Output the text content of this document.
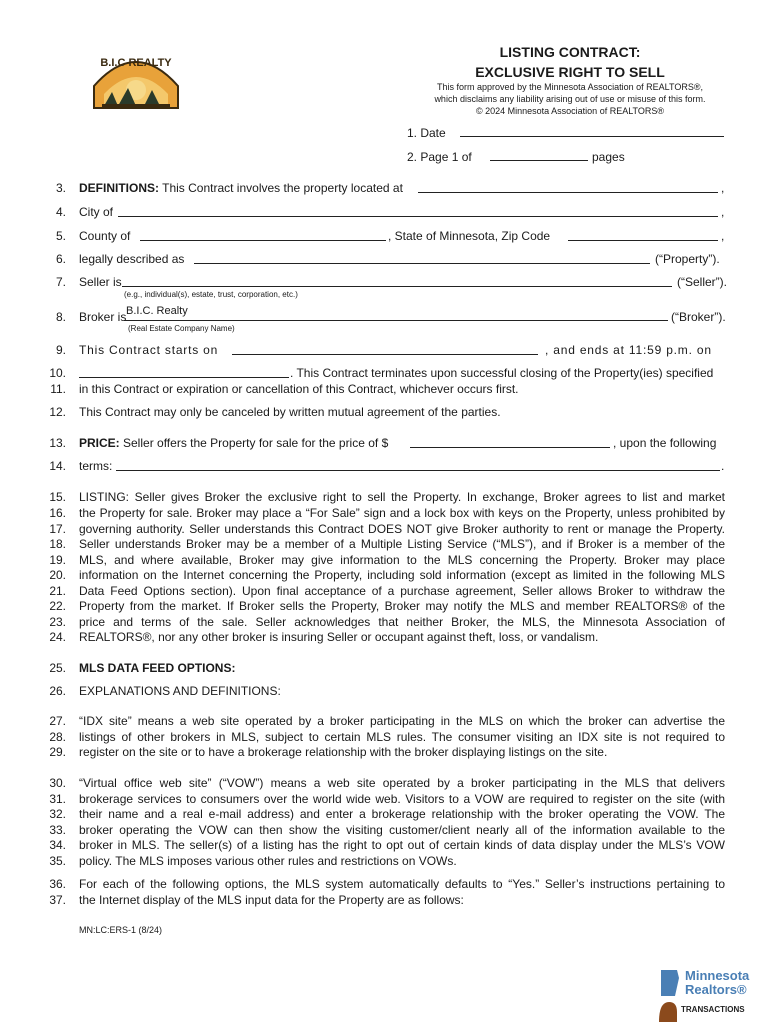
B.I.C REALTY
LISTING CONTRACT:
EXCLUSIVE RIGHT TO SELL
This form approved by the Minnesota Association of REALTORS®,
which disclaims any liability arising out of use or misuse of this form.
© 2024 Minnesota Association of REALTORS®
1. Date
2. Page 1 of	pages
3. DEFINITIONS: This Contract involves the property located at	,
4. City of	,
5. County of	, State of Minnesota, Zip Code	,
6. legally described as	(“Property”).
7. Seller is	(“Seller”).
(e.g., individual(s), estate, trust, corporation, etc.)
8. Broker is B.I.C. Realty	(“Broker”).
(Real Estate Company Name)
9. This Contract starts on	, and ends at 11:59 p.m. on
10.	. This Contract terminates upon successful closing of the Property(ies) specified
11. in this Contract or expiration or cancellation of this Contract, whichever occurs first.
12. This Contract may only be canceled by written mutual agreement of the parties.
13. PRICE: Seller offers the Property for sale for the price of $	, upon the following
14. terms:	.
15. LISTING: Seller gives Broker the exclusive right to sell the Property. In exchange, Broker agrees to list and market
16. the Property for sale. Broker may place a “For Sale” sign and a lock box with keys on the Property, unless prohibited by
17. governing authority. Seller understands this Contract DOES NOT give Broker authority to rent or manage the Property.
18. Seller understands Broker may be a member of a Multiple Listing Service (“MLS”), and if Broker is a member of the
19. MLS, and where available, Broker may give information to the MLS concerning the Property. Broker may place
20. information on the Internet concerning the Property, including sold information (except as limited in the following MLS
21. Data Feed Options section). Upon final acceptance of a purchase agreement, Seller allows Broker to withdraw the
22. Property from the market. If Broker sells the Property, Broker may notify the MLS and member REALTORS® of the
23. price and terms of the sale. Seller acknowledges that neither Broker, the MLS, the Minnesota Association of
24. REALTORS®, nor any other broker is insuring Seller or occupant against theft, loss, or vandalism.
25. MLS DATA FEED OPTIONS:
26. EXPLANATIONS AND DEFINITIONS:
27. “IDX site” means a web site operated by a broker participating in the MLS on which the broker can advertise the
28. listings of other brokers in MLS, subject to certain MLS rules. The consumer visiting an IDX site is not required to
29. register on the site or to have a brokerage relationship with the broker displaying listings on the site.
30. “Virtual office web site” (“VOW”) means a web site operated by a broker participating in the MLS that delivers
31. brokerage services to consumers over the world wide web. Visitors to a VOW are required to register on the site (with
32. their name and a real e-mail address) and enter a brokerage relationship with the broker operating the VOW. The
33. broker operating the VOW can then show the visiting customer/client nearly all of the information available to the
34. broker in MLS. The seller(s) of a listing has the right to opt out of certain kinds of data display under the MLS’s VOW
35. policy. The MLS imposes various other rules and restrictions on VOWs.
36. For each of the following options, the MLS system automatically defaults to “Yes.” Seller’s instructions pertaining to
37. the Internet display of the MLS input data for the Property are as follows:
MN:LC:ERS-1 (8/24)
Minnesota
Realtors®
TRANSACTIONS
